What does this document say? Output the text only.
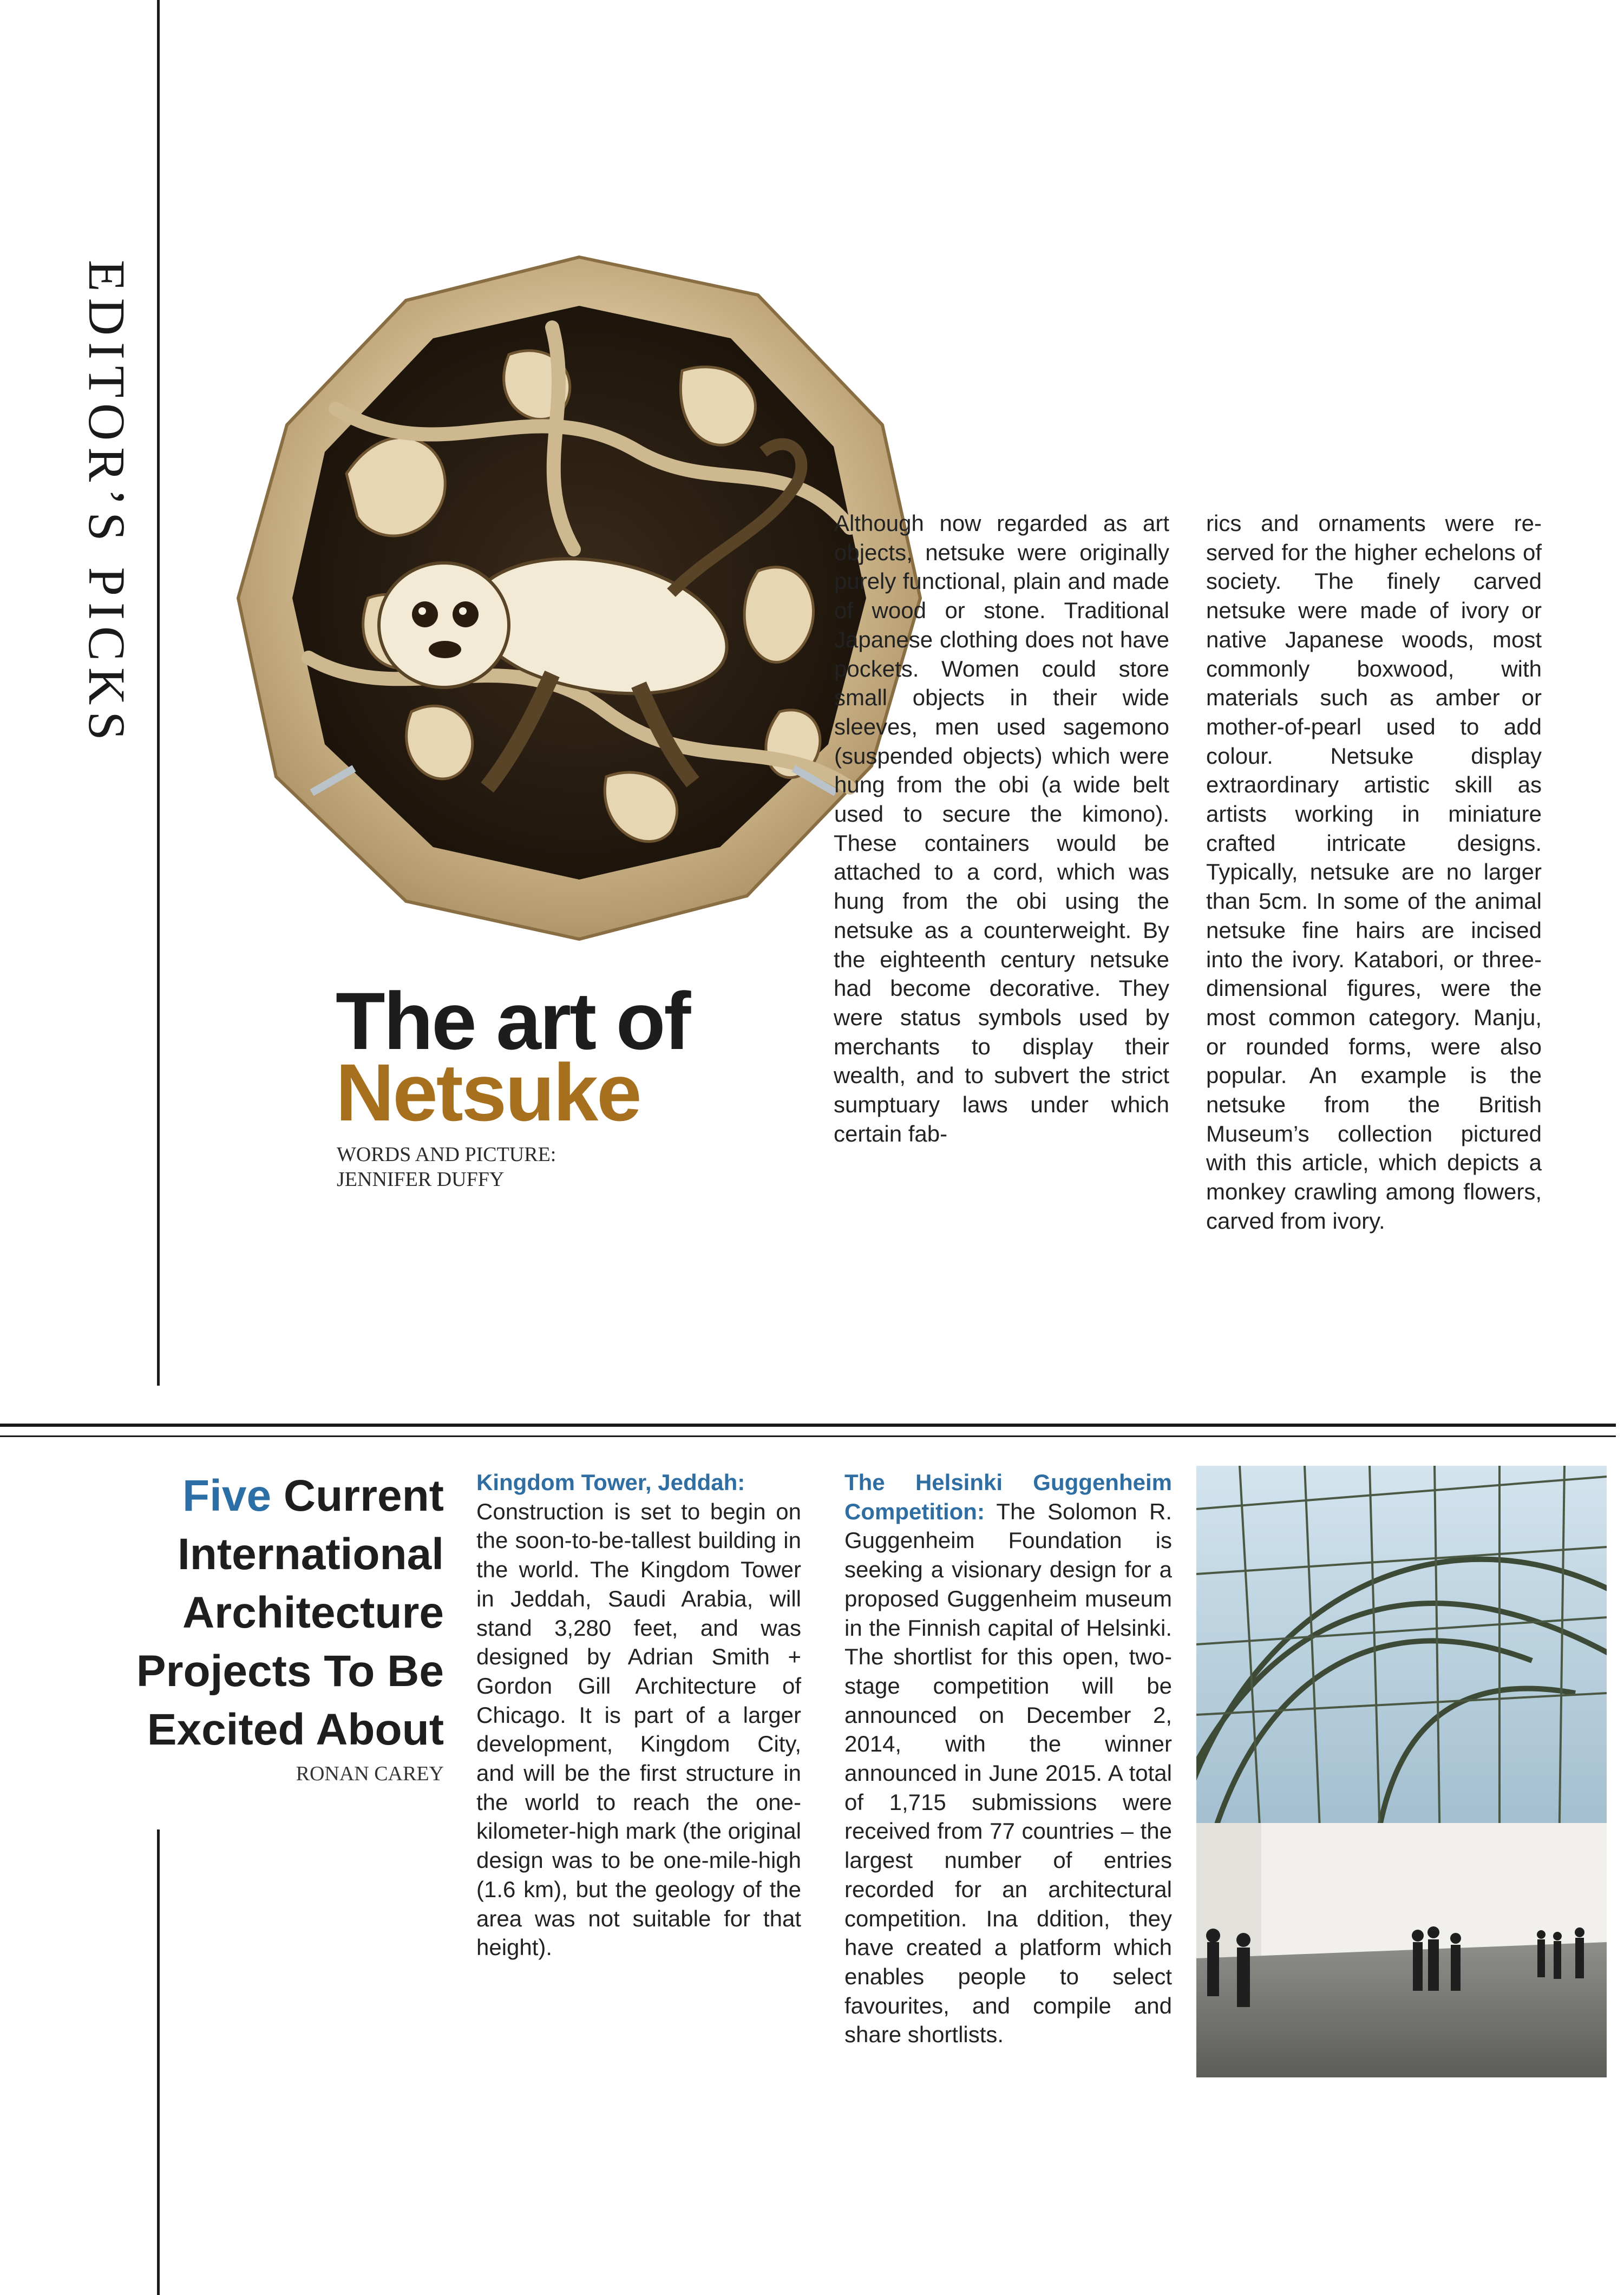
EDITOR’S PICKS
The art of
Netsuke
WORDS AND PICTURE:
JENNIFER DUFFY

Although now regarded as art objects, netsuke were originally purely functional, plain and made of wood or stone. Traditional Japanese clothing does not have pockets. Women could store small objects in their wide sleeves, men used sagemono (suspended objects) which were hung from the obi (a wide belt used to secure the kimono). These containers would be attached to a cord, which was hung from the obi using the netsuke as a counterweight. By the eighteenth century netsuke had become decorative. They were status symbols used by merchants to display their wealth, and to subvert the strict sumptuary laws under which certain fab-

rics and ornaments were reserved for the higher echelons of society. The finely carved netsuke were made of ivory or native Japanese woods, most commonly boxwood, with materials such as amber or mother-of-pearl used to add colour. Netsuke display extraordinary artistic skill as artists working in miniature crafted intricate designs. Typically, netsuke are no larger than 5cm. In some of the animal netsuke fine hairs are incised into the ivory. Katabori, or three-dimensional figures, were the most common category. Manju, or rounded forms, were also popular. An example is the netsuke from the British Museum’s collection pictured with this article, which depicts a monkey crawling among flowers, carved from ivory.

Five Current
International
Architecture
Projects To Be
Excited About
RONAN CAREY
Kingdom Tower, Jeddah:
Construction is set to begin on the soon-to-be-tallest building in the world. The Kingdom Tower in Jeddah, Saudi Arabia, will stand 3,280 feet, and was designed by Adrian Smith + Gordon Gill Architecture of Chicago. It is part of a larger development, Kingdom City, and will be the first structure in the world to reach the one-kilometer-high mark (the original design was to be one-mile-high (1.6 km), but the geology of the area was not suitable for that height).
The Helsinki Guggenheim Competition: The Solomon R. Guggenheim Foundation is seeking a visionary design for a proposed Guggenheim museum in the Finnish capital of Helsinki. The shortlist for this open, two-stage competition will be announced on December 2, 2014, with the winner announced in June 2015. A total of 1,715 submissions were received from 77 countries – the largest number of entries recorded for an architectural competition. Ina ddition, they have created a platform which enables people to select favourites, and compile and share shortlists.
